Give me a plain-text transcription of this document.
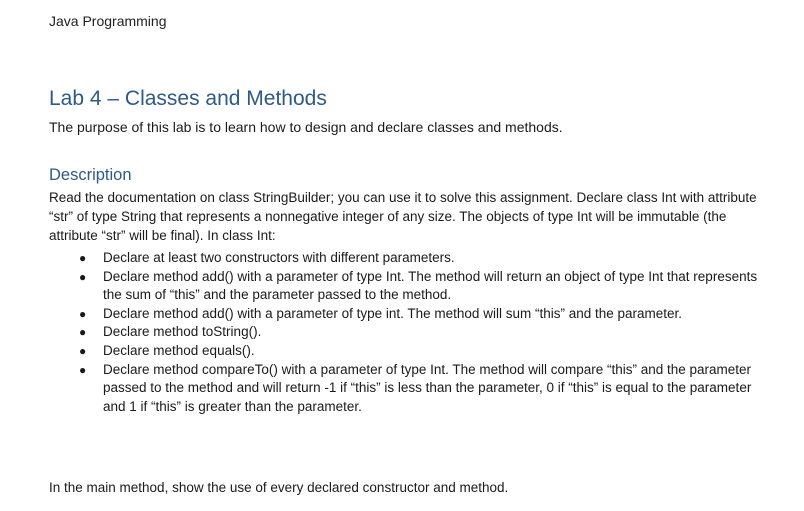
Java Programming
Lab 4 – Classes and Methods

The purpose of this lab is to learn how to design and declare classes and methods.

Description

Read the documentation on class StringBuilder; you can use it to solve this assignment. Declare class Int with attribute “str” of type String that represents a nonnegative integer of any size. The objects of type Int will be immutable (the attribute “str” will be final). In class Int:

● Declare at least two constructors with different parameters.
● Declare method add() with a parameter of type Int. The method will return an object of type Int that represents the sum of “this” and the parameter passed to the method.
● Declare method add() with a parameter of type int. The method will sum “this” and the parameter.
● Declare method toString().
● Declare method equals().
● Declare method compareTo() with a parameter of type Int. The method will compare “this” and the parameter passed to the method and will return -1 if “this” is less than the parameter, 0 if “this” is equal to the parameter and 1 if “this” is greater than the parameter.

In the main method, show the use of every declared constructor and method.
